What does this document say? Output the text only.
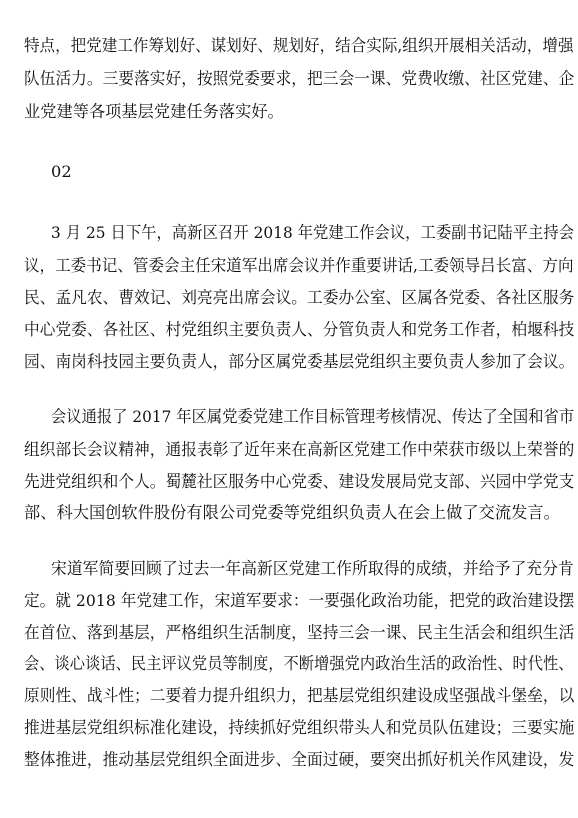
特点，把党建工作筹划好、谋划好、规划好，结合实际,组织开展相关活动，增强
队伍活力。三要落实好，按照党委要求，把三会一课、党费收缴、社区党建、企
业党建等各项基层党建任务落实好。
02
3 月 25 日下午，高新区召开 2018 年党建工作会议，工委副书记陆平主持会
议，工委书记、管委会主任宋道军出席会议并作重要讲话,工委领导吕长富、方向
民、孟凡农、曹效记、刘亮亮出席会议。工委办公室、区属各党委、各社区服务
中心党委、各社区、村党组织主要负责人、分管负责人和党务工作者，柏堰科技
园、南岗科技园主要负责人，部分区属党委基层党组织主要负责人参加了会议。
会议通报了 2017 年区属党委党建工作目标管理考核情况、传达了全国和省市
组织部长会议精神，通报表彰了近年来在高新区党建工作中荣获市级以上荣誉的
先进党组织和个人。蜀麓社区服务中心党委、建设发展局党支部、兴园中学党支
部、科大国创软件股份有限公司党委等党组织负责人在会上做了交流发言。
宋道军简要回顾了过去一年高新区党建工作所取得的成绩，并给予了充分肯
定。就 2018 年党建工作，宋道军要求：一要强化政治功能，把党的政治建设摆
在首位、落到基层，严格组织生活制度，坚持三会一课、民主生活会和组织生活
会、谈心谈话、民主评议党员等制度，不断增强党内政治生活的政治性、时代性、
原则性、战斗性；二要着力提升组织力，把基层党组织建设成坚强战斗堡垒，以
推进基层党组织标准化建设，持续抓好党组织带头人和党员队伍建设；三要实施
整体推进，推动基层党组织全面进步、全面过硬，要突出抓好机关作风建设，发
